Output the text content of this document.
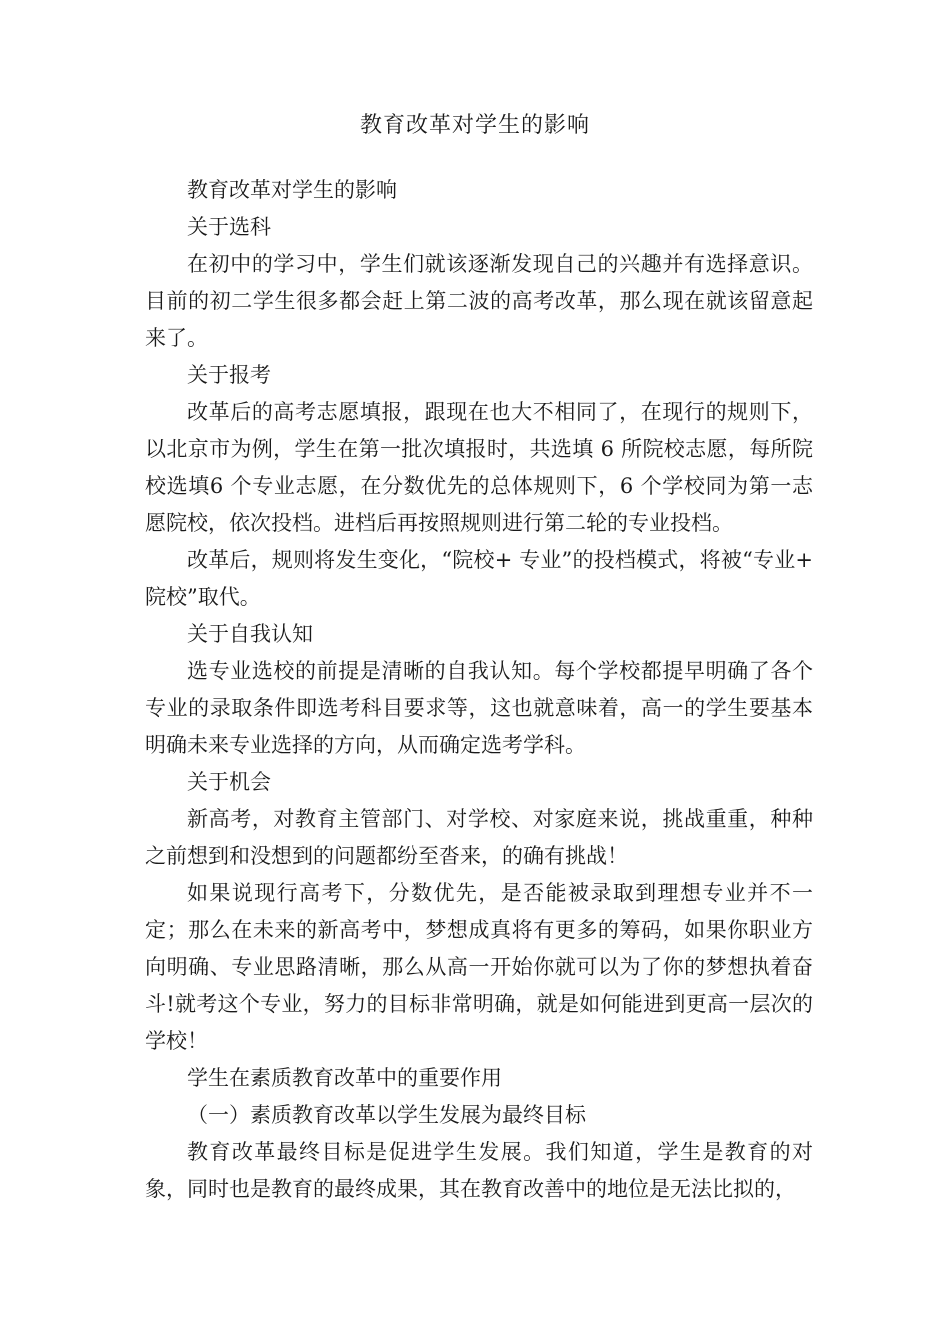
教育改革对学生的影响

教育改革对学生的影响

关于选科

在初中的学习中，学生们就该逐渐发现自己的兴趣并有选择意识。目前的初二学生很多都会赶上第二波的高考改革，那么现在就该留意起来了。

关于报考

改革后的高考志愿填报，跟现在也大不相同了，在现行的规则下，以北京市为例，学生在第一批次填报时，共选填 6 所院校志愿，每所院校选填6 个专业志愿，在分数优先的总体规则下，6 个学校同为第一志愿院校，依次投档。进档后再按照规则进行第二轮的专业投档。

改革后，规则将发生变化，“院校+ 专业”的投档模式，将被“专业+ 院校”取代。

关于自我认知

选专业选校的前提是清晰的自我认知。每个学校都提早明确了各个专业的录取条件即选考科目要求等，这也就意味着，高一的学生要基本明确未来专业选择的方向，从而确定选考学科。

关于机会

新高考，对教育主管部门、对学校、对家庭来说，挑战重重，种种之前想到和没想到的问题都纷至沓来，的确有挑战！

如果说现行高考下，分数优先，是否能被录取到理想专业并不一定；那么在未来的新高考中，梦想成真将有更多的筹码，如果你职业方向明确、专业思路清晰，那么从高一开始你就可以为了你的梦想执着奋斗!就考这个专业，努力的目标非常明确，就是如何能进到更高一层次的学校！

学生在素质教育改革中的重要作用

（一）素质教育改革以学生发展为最终目标

教育改革最终目标是促进学生发展。我们知道，学生是教育的对象，同时也是教育的最终成果，其在教育改善中的地位是无法比拟的，
